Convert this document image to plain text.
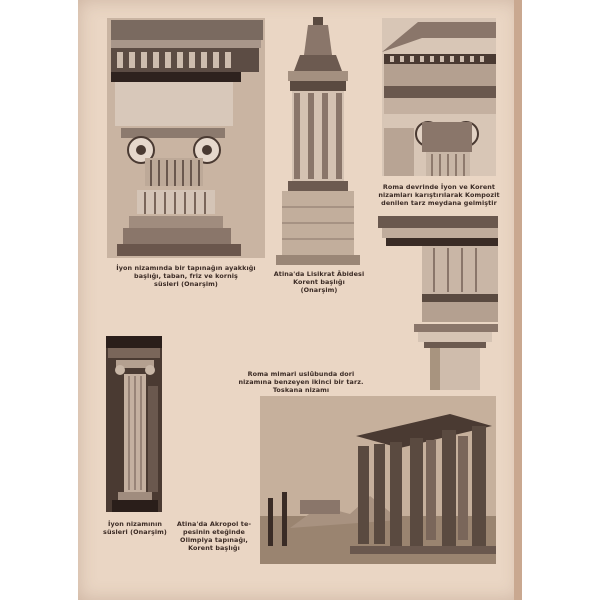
İyon nizamında bir tapınağın ayakkığı
başlığı, taban, friz ve korniş
süsleri (Onarşim)
Atina'da Lisikrat Âbidesi
Korent başlığı
(Onarşim)
Roma devrinde İyon ve Korent
nizamları karıştırılarak Kompozit
denilen tarz meydana gelmiştir
Roma mimari uslûbunda dori
nizamına benzeyen ikinci bir tarz.
Toskana nizamı
İyon nizamının
süsleri (Onarşim)
Atina'da Akropol te-
pesinin eteğinde
Olimpiya tapınağı,
Korent başlığı
